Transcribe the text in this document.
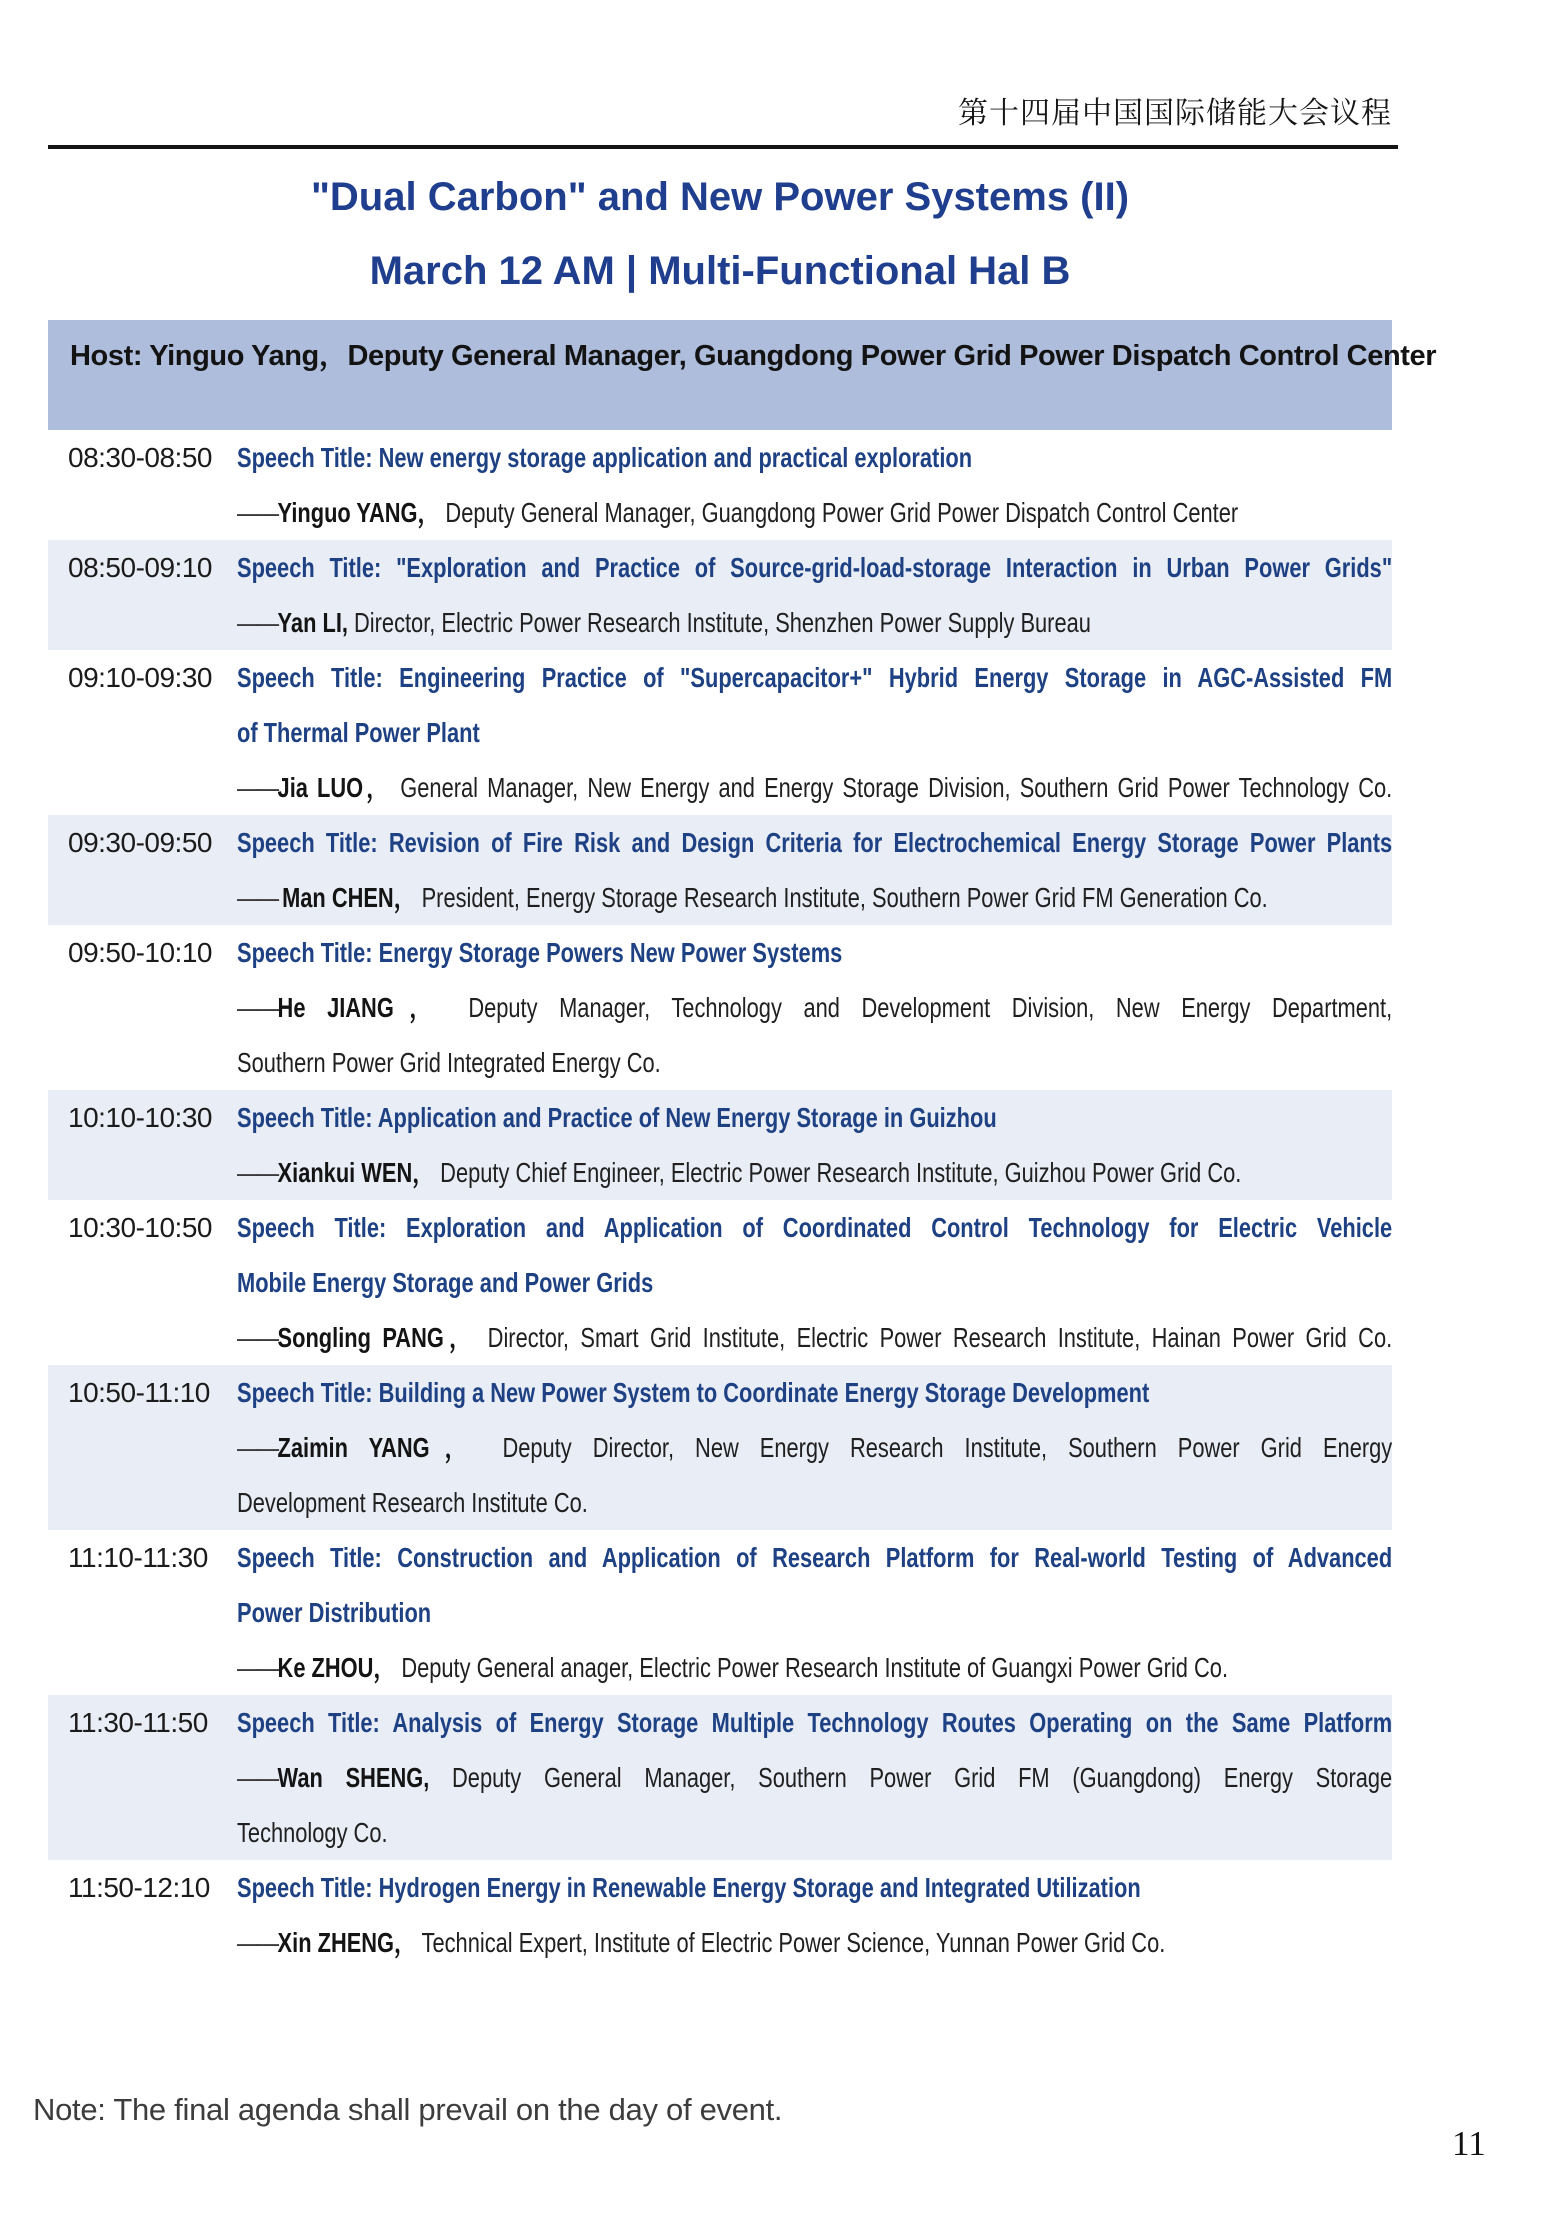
第十四届中国国际储能大会议程
"Dual Carbon" and New Power Systems (II)
March 12 AM | Multi-Functional Hal B
Host: Yinguo Yang，Deputy General Manager, Guangdong Power Grid Power Dispatch Control Center
08:30-08:50 Speech Title: New energy storage application and practical exploration
——Yinguo YANG， Deputy General Manager, Guangdong Power Grid Power Dispatch Control Center
08:50-09:10 Speech Title: "Exploration and Practice of Source-grid-load-storage Interaction in Urban Power Grids"
——Yan LI, Director, Electric Power Research Institute, Shenzhen Power Supply Bureau
09:10-09:30 Speech Title: Engineering Practice of "Supercapacitor+" Hybrid Energy Storage in AGC-Assisted FM
of Thermal Power Plant
——Jia LUO， General Manager, New Energy and Energy Storage Division, Southern Grid Power Technology Co.
09:30-09:50 Speech Title: Revision of Fire Risk and Design Criteria for Electrochemical Energy Storage Power Plants
—— Man CHEN， President, Energy Storage Research Institute, Southern Power Grid FM Generation Co.
09:50-10:10 Speech Title: Energy Storage Powers New Power Systems
——He JIANG， Deputy Manager, Technology and Development Division, New Energy Department,
Southern Power Grid Integrated Energy Co.
10:10-10:30 Speech Title: Application and Practice of New Energy Storage in Guizhou
——Xiankui WEN， Deputy Chief Engineer, Electric Power Research Institute, Guizhou Power Grid Co.
10:30-10:50 Speech Title: Exploration and Application of Coordinated Control Technology for Electric Vehicle
Mobile Energy Storage and Power Grids
——Songling PANG， Director, Smart Grid Institute, Electric Power Research Institute, Hainan Power Grid Co.
10:50-11:10 Speech Title: Building a New Power System to Coordinate Energy Storage Development
——Zaimin YANG， Deputy Director, New Energy Research Institute, Southern Power Grid Energy
Development Research Institute Co.
11:10-11:30	Speech Title: Construction and Application of Research Platform for Real-world Testing of Advanced
Power Distribution
——Ke ZHOU， Deputy General anager, Electric Power Research Institute of Guangxi Power Grid Co.
11:30-11:50	Speech Title: Analysis of Energy Storage Multiple Technology Routes Operating on the Same Platform
——Wan SHENG, Deputy General Manager, Southern Power Grid FM (Guangdong) Energy Storage
Technology Co.
11:50-12:10 Speech Title: Hydrogen Energy in Renewable Energy Storage and Integrated Utilization
——Xin ZHENG， Technical Expert, Institute of Electric Power Science, Yunnan Power Grid Co.
Note: The final agenda shall prevail on the day of event.
11
